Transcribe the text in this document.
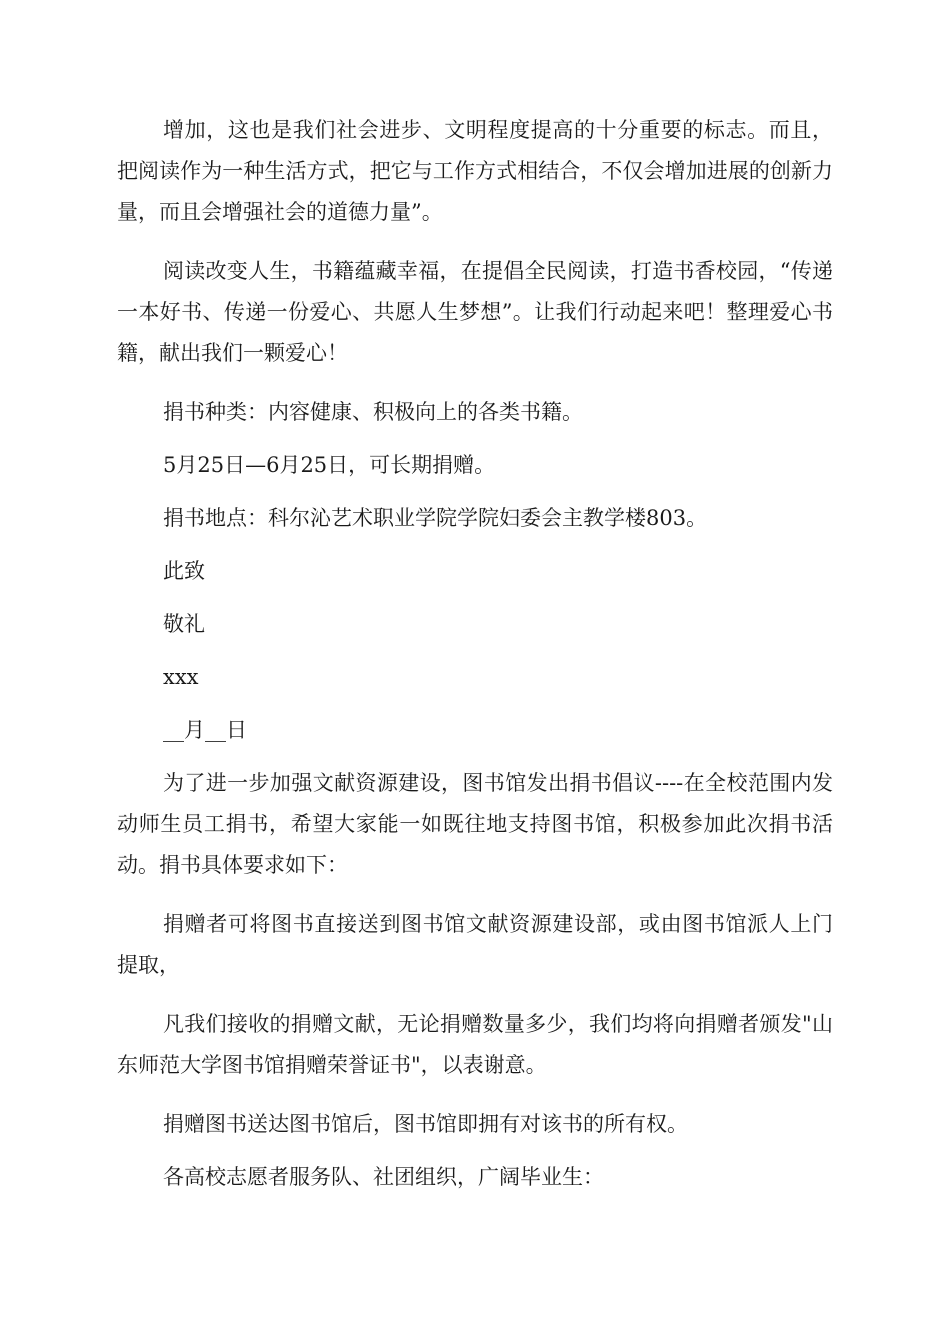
增加，这也是我们社会进步、文明程度提高的十分重要的标志。而且，把阅读作为一种生活方式，把它与工作方式相结合，不仅会增加进展的创新力量，而且会增强社会的道德力量”。

阅读改变人生，书籍蕴藏幸福，在提倡全民阅读，打造书香校园，“传递一本好书、传递一份爱心、共愿人生梦想”。让我们行动起来吧！整理爱心书籍，献出我们一颗爱心！

捐书种类：内容健康、积极向上的各类书籍。

5月25日—6月25日，可长期捐赠。

捐书地点：科尔沁艺术职业学院学院妇委会主教学楼803。

此致

敬礼

xxx

__月__日

为了进一步加强文献资源建设，图书馆发出捐书倡议----在全校范围内发动师生员工捐书，希望大家能一如既往地支持图书馆，积极参加此次捐书活动。捐书具体要求如下：

捐赠者可将图书直接送到图书馆文献资源建设部，或由图书馆派人上门提取，

凡我们接收的捐赠文献，无论捐赠数量多少，我们均将向捐赠者颁发"山东师范大学图书馆捐赠荣誉证书"，以表谢意。

捐赠图书送达图书馆后，图书馆即拥有对该书的所有权。

各高校志愿者服务队、社团组织，广阔毕业生：
